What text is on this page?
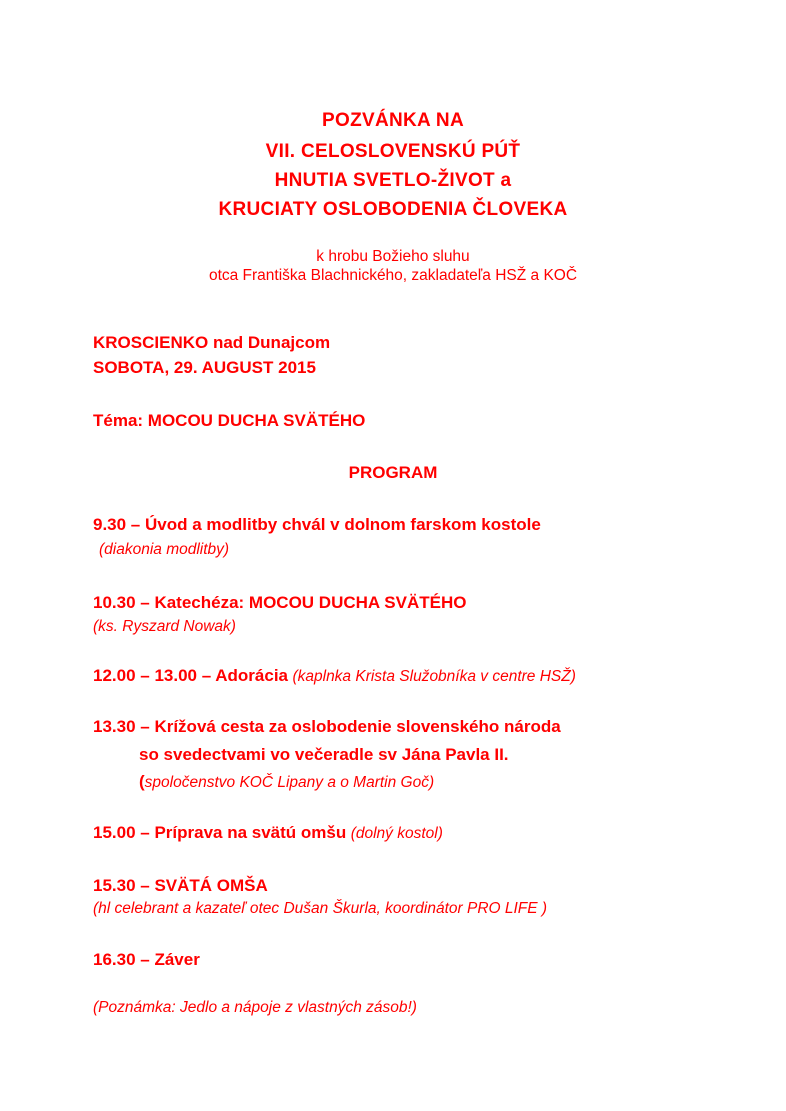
POZVÁNKA NA
VII. CELOSLOVENSKÚ PÚŤ
HNUTIA SVETLO-ŽIVOT a
KRUCIATY OSLOBODENIA ČLOVEKA
k hrobu Božieho sluhu
otca Františka Blachnického, zakladateľa HSŽ a KOČ
KROSCIENKO nad Dunajcom
SOBOTA, 29. AUGUST 2015
Téma: MOCOU DUCHA SVÄTÉHO
PROGRAM
9.30 – Úvod a modlitby chvál v dolnom farskom kostole
(diakonia modlitby)
10.30 – Katechéza: MOCOU DUCHA SVÄTÉHO
(ks. Ryszard Nowak)
12.00 – 13.00 – Adorácia (kaplnka Krista Služobníka v centre HSŽ)
13.30 – Krížová cesta za oslobodenie slovenského národa
so svedectvami vo večeradle sv Jána Pavla II.
(spoločenstvo KOČ Lipany a o Martin Goč)
15.00 – Príprava na svätú omšu (dolný kostol)
15.30 – SVÄTÁ OMŠA
(hl celebrant a kazateľ otec Dušan Škurla, koordinátor PRO LIFE )
16.30 – Záver
(Poznámka: Jedlo a nápoje z vlastných zásob!)
